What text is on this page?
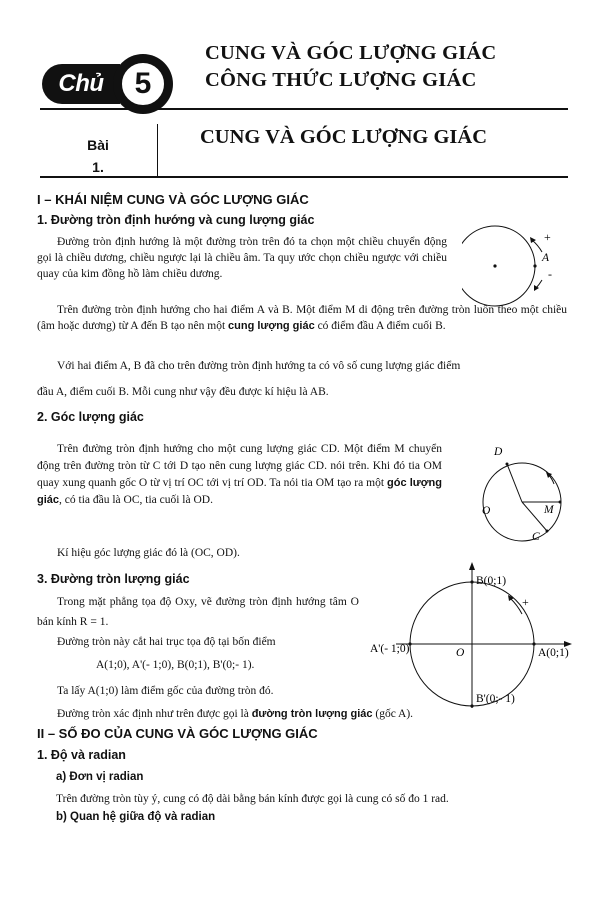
Chủ đề
5
CUNG VÀ GÓC LƯỢNG GIÁC
CÔNG THỨC LƯỢNG GIÁC
Bài
1.
CUNG VÀ GÓC LƯỢNG GIÁC
I – KHÁI NIỆM CUNG VÀ GÓC LƯỢNG GIÁC
1. Đường tròn định hướng và cung lượng giác
Đường tròn định hướng là một đường tròn trên đó ta chọn một chiều chuyển động gọi là chiều dương, chiều ngược lại là chiều âm. Ta quy ước chọn chiều ngược với chiều quay của kim đồng hồ làm chiều dương.
+
A
-
Trên đường tròn định hướng cho hai điểm A và B. Một điểm M di động trên đường tròn luôn theo một chiều (âm hoặc dương) từ A đến B tạo nên một cung lượng giác có điểm đầu A điểm cuối B.
Với hai điểm A, B đã cho trên đường tròn định hướng ta có vô số cung lượng giác điểm
đầu A, điểm cuối B. Mỗi cung như vậy đều được kí hiệu là AB.
2. Góc lượng giác
Trên đường tròn định hướng cho một cung lượng giác CD. Một điểm M chuyển động trên đường tròn từ C tới D tạo nên cung lượng giác CD. nói trên. Khi đó tia OM quay xung quanh gốc O từ vị trí OC tới vị trí OD. Ta nói tia OM tạo ra một góc lượng giác, có tia đầu là OC, tia cuối là OD.
D
O	M
C
Kí hiệu góc lượng giác đó là (OC, OD).
3. Đường tròn lượng giác
Trong mặt phẳng tọa độ Oxy, vẽ đường tròn định hướng tâm O bán kính R = 1.
Đường tròn này cắt hai trục tọa độ tại bốn điểm
A(1;0), A'(- 1;0), B(0;1), B'(0;- 1).
Ta lấy A(1;0) làm điểm gốc của đường tròn đó.
B(0;1)
+
A'(- 1;0)	O	A(0;1)
B'(0;- 1)
Đường tròn xác định như trên được gọi là đường tròn lượng giác (gốc A).
II – SỐ ĐO CỦA CUNG VÀ GÓC LƯỢNG GIÁC
1. Độ và radian
a) Đơn vị radian
Trên đường tròn tùy ý, cung có độ dài bằng bán kính được gọi là cung có số đo 1 rad.
b) Quan hệ giữa độ và radian
